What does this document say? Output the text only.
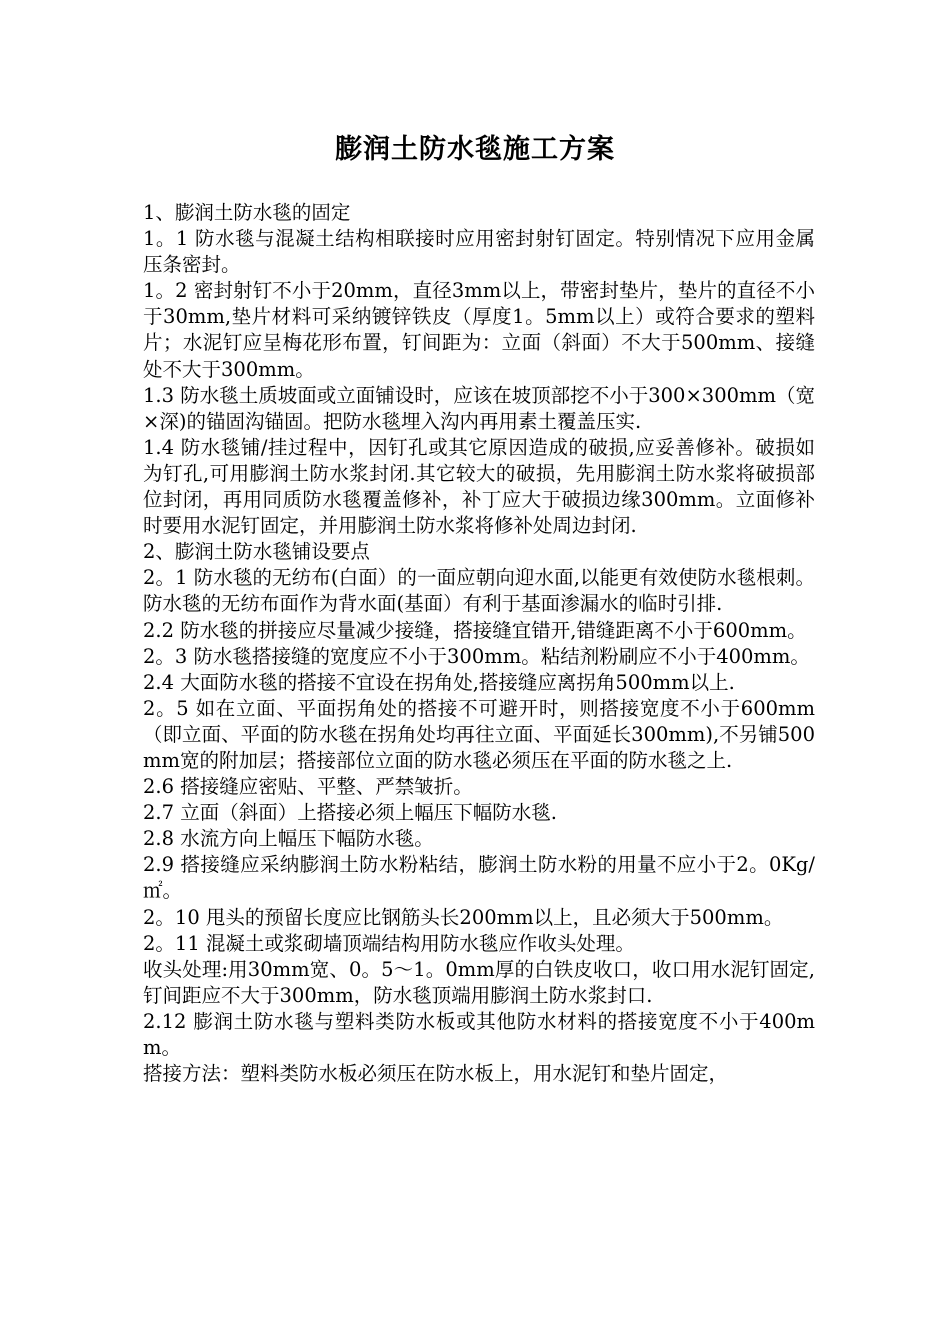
膨润土防水毯施工方案

1、膨润土防水毯的固定

1。1 防水毯与混凝土结构相联接时应用密封射钉固定。特别情况下应用金属压条密封。

1。2 密封射钉不小于20mm，直径3mm以上，带密封垫片，垫片的直径不小于30mm,垫片材料可采纳镀锌铁皮（厚度1。5mm以上）或符合要求的塑料片；水泥钉应呈梅花形布置，钉间距为：立面（斜面）不大于500mm、接缝处不大于300mm。

1.3 防水毯土质坡面或立面铺设时，应该在坡顶部挖不小于300×300mm（宽×深)的锚固沟锚固。把防水毯埋入沟内再用素土覆盖压实.

1.4 防水毯铺/挂过程中，因钉孔或其它原因造成的破损,应妥善修补。破损如为钉孔,可用膨润土防水浆封闭.其它较大的破损，先用膨润土防水浆将破损部位封闭，再用同质防水毯覆盖修补，补丁应大于破损边缘300mm。立面修补时要用水泥钉固定，并用膨润土防水浆将修补处周边封闭.

2、膨润土防水毯铺设要点

2。1 防水毯的无纺布(白面）的一面应朝向迎水面,以能更有效使防水毯根刺。防水毯的无纺布面作为背水面(基面）有利于基面渗漏水的临时引排.

2.2 防水毯的拼接应尽量减少接缝，搭接缝宜错开,错缝距离不小于600mm。

2。3 防水毯搭接缝的宽度应不小于300mm。粘结剂粉刷应不小于400mm。

2.4 大面防水毯的搭接不宜设在拐角处,搭接缝应离拐角500mm以上.

2。5 如在立面、平面拐角处的搭接不可避开时，则搭接宽度不小于600mm（即立面、平面的防水毯在拐角处均再往立面、平面延长300mm),不另铺500mm宽的附加层；搭接部位立面的防水毯必须压在平面的防水毯之上.

2.6 搭接缝应密贴、平整、严禁皱折。

2.7 立面（斜面）上搭接必须上幅压下幅防水毯.

2.8 水流方向上幅压下幅防水毯。

2.9 搭接缝应采纳膨润土防水粉粘结，膨润土防水粉的用量不应小于2。0Kg/㎡。

2。10 甩头的预留长度应比钢筋头长200mm以上，且必须大于500mm。

2。11 混凝土或浆砌墙顶端结构用防水毯应作收头处理。

收头处理:用30mm宽、0。5～1。0mm厚的白铁皮收口，收口用水泥钉固定,钉间距应不大于300mm，防水毯顶端用膨润土防水浆封口.

2.12 膨润土防水毯与塑料类防水板或其他防水材料的搭接宽度不小于400mm。

搭接方法：塑料类防水板必须压在防水板上，用水泥钉和垫片固定，
